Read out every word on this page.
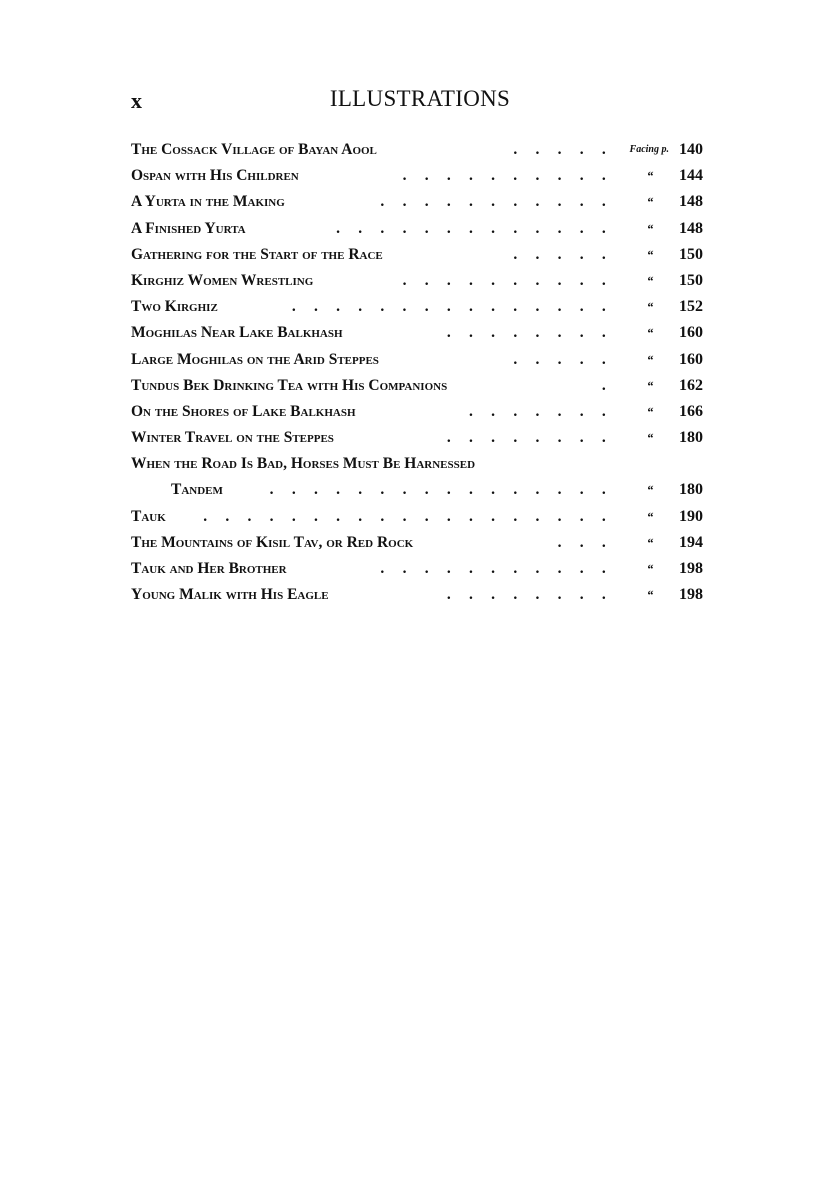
x	ILLUSTRATIONS
The Cossack Village of Bayan Aool	. . . . .	Facing p. 140
Ospan with His Children	. . . . . . . . . .	“	144
A Yurta in the Making	. . . . . . . . . . .	“	148
A Finished Yurta	. . . . . . . . . . . . .	“	148
Gathering for the Start of the Race	. . . . .	“	150
Kirghiz Women Wrestling	. . . . . . . . . .	“	150
Two Kirghiz	. . . . . . . . . . . . . . .	“	152
Moghilas Near Lake Balkhash	. . . . . . . .	“	160
Large Moghilas on the Arid Steppes	. . . . .	“	160
Tundus Bek Drinking Tea with His Companions	.	“	162
On the Shores of Lake Balkhash	. . . . . . .	“	166
Winter Travel on the Steppes	. . . . . . . .	“	180
When the Road Is Bad, Horses Must Be Harnessed
Tandem	. . . . . . . . . . . . . . . .	“	180
Tauk . . . . . . . . . . . . . . . . . . .	“	190
The Mountains of Kisil Tav, or Red Rock	. . .	“	194
Tauk and Her Brother	. . . . . . . . . . .	“	198
Young Malik with His Eagle	. . . . . . . .	“	198
